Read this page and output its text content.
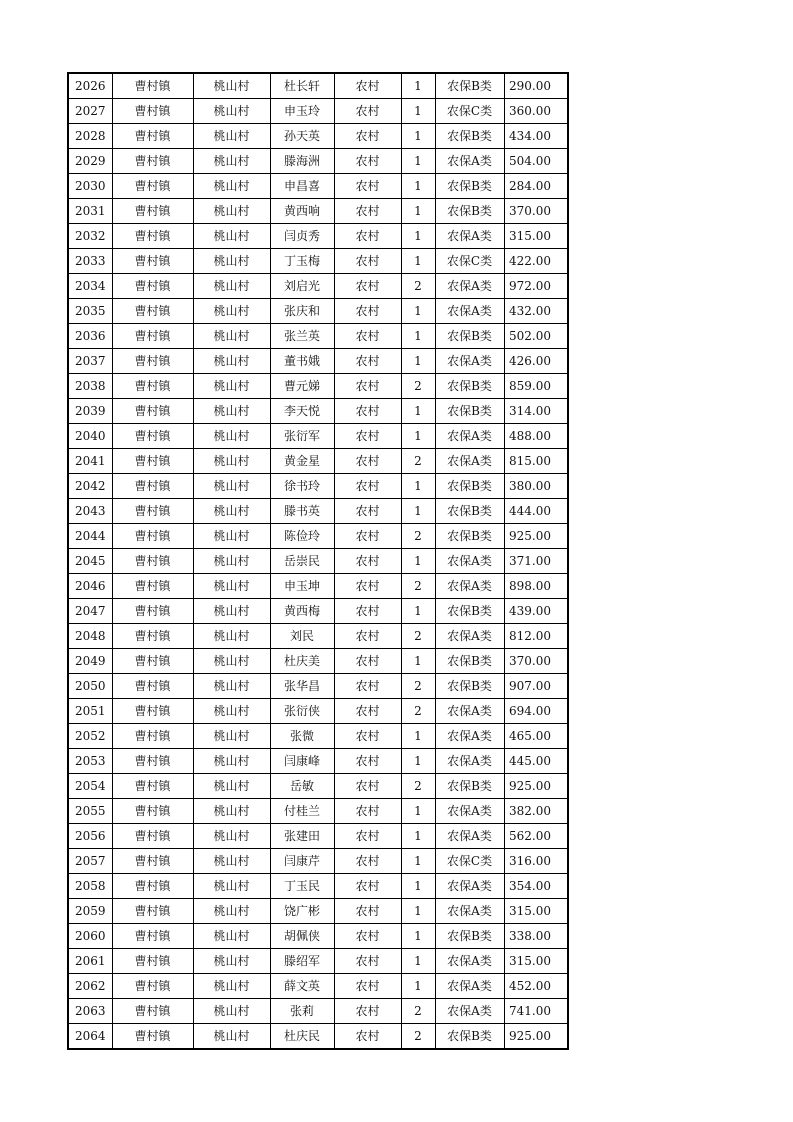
2026	曹村镇	桃山村	杜长轩	农村	1	农保B类	290.00
2027	曹村镇	桃山村	申玉玲	农村	1	农保C类	360.00
2028	曹村镇	桃山村	孙天英	农村	1	农保B类	434.00
2029	曹村镇	桃山村	滕海洲	农村	1	农保A类	504.00
2030	曹村镇	桃山村	申昌喜	农村	1	农保B类	284.00
2031	曹村镇	桃山村	黄西响	农村	1	农保B类	370.00
2032	曹村镇	桃山村	闫贞秀	农村	1	农保A类	315.00
2033	曹村镇	桃山村	丁玉梅	农村	1	农保C类	422.00
2034	曹村镇	桃山村	刘启光	农村	2	农保A类	972.00
2035	曹村镇	桃山村	张庆和	农村	1	农保A类	432.00
2036	曹村镇	桃山村	张兰英	农村	1	农保B类	502.00
2037	曹村镇	桃山村	董书娥	农村	1	农保A类	426.00
2038	曹村镇	桃山村	曹元娣	农村	2	农保B类	859.00
2039	曹村镇	桃山村	李天悦	农村	1	农保B类	314.00
2040	曹村镇	桃山村	张衍军	农村	1	农保A类	488.00
2041	曹村镇	桃山村	黄金星	农村	2	农保A类	815.00
2042	曹村镇	桃山村	徐书玲	农村	1	农保B类	380.00
2043	曹村镇	桃山村	滕书英	农村	1	农保B类	444.00
2044	曹村镇	桃山村	陈俭玲	农村	2	农保B类	925.00
2045	曹村镇	桃山村	岳崇民	农村	1	农保A类	371.00
2046	曹村镇	桃山村	申玉坤	农村	2	农保A类	898.00
2047	曹村镇	桃山村	黄西梅	农村	1	农保B类	439.00
2048	曹村镇	桃山村	刘民	农村	2	农保A类	812.00
2049	曹村镇	桃山村	杜庆美	农村	1	农保B类	370.00
2050	曹村镇	桃山村	张华昌	农村	2	农保B类	907.00
2051	曹村镇	桃山村	张衍侠	农村	2	农保A类	694.00
2052	曹村镇	桃山村	张微	农村	1	农保A类	465.00
2053	曹村镇	桃山村	闫康峰	农村	1	农保A类	445.00
2054	曹村镇	桃山村	岳敏	农村	2	农保B类	925.00
2055	曹村镇	桃山村	付桂兰	农村	1	农保A类	382.00
2056	曹村镇	桃山村	张建田	农村	1	农保A类	562.00
2057	曹村镇	桃山村	闫康芹	农村	1	农保C类	316.00
2058	曹村镇	桃山村	丁玉民	农村	1	农保A类	354.00
2059	曹村镇	桃山村	饶广彬	农村	1	农保A类	315.00
2060	曹村镇	桃山村	胡佩侠	农村	1	农保B类	338.00
2061	曹村镇	桃山村	滕绍军	农村	1	农保A类	315.00
2062	曹村镇	桃山村	薛文英	农村	1	农保A类	452.00
2063	曹村镇	桃山村	张莉	农村	2	农保A类	741.00
2064	曹村镇	桃山村	杜庆民	农村	2	农保B类	925.00
